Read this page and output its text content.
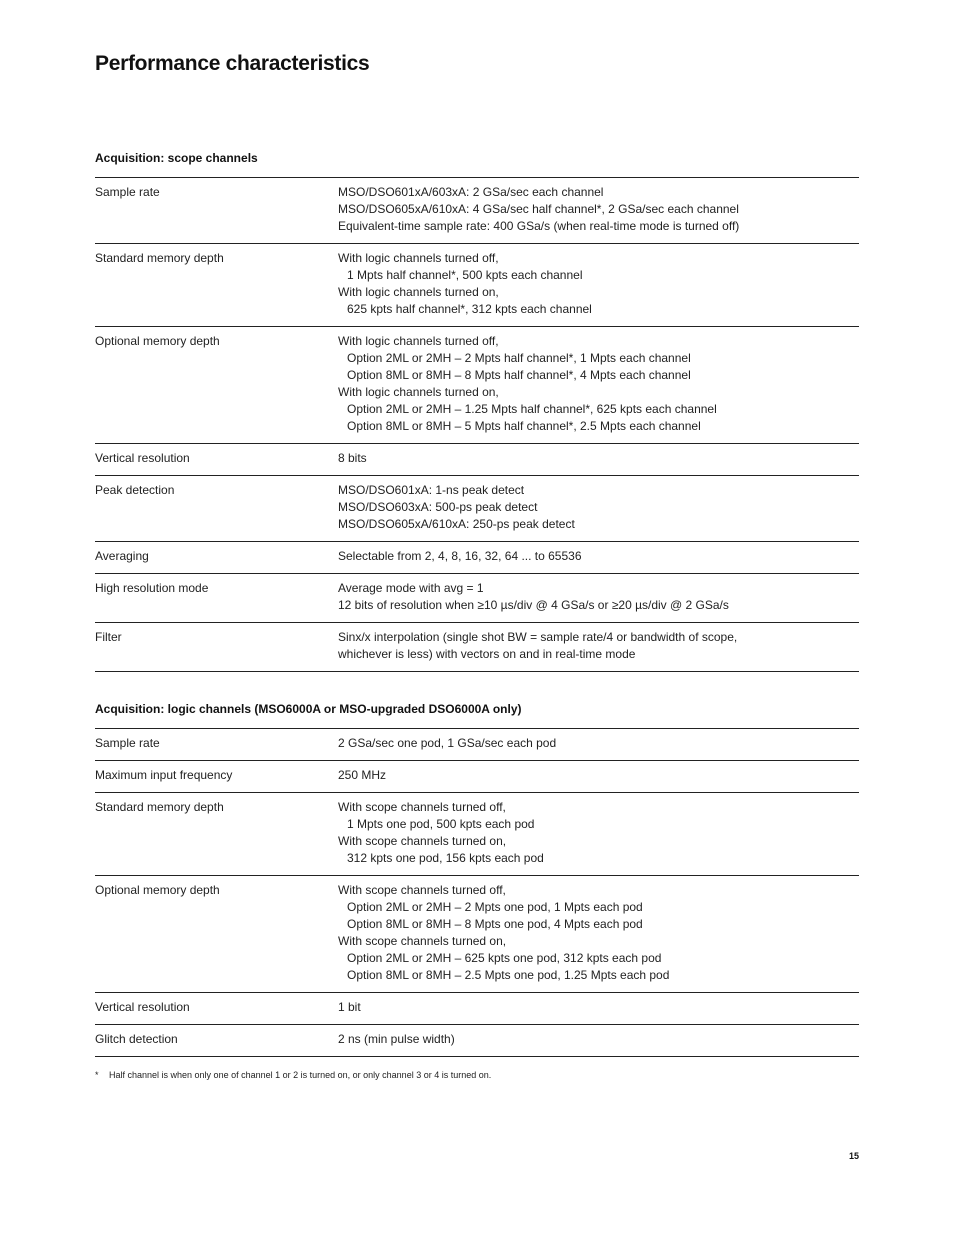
Performance characteristics
Acquisition: scope channels
Sample rate	MSO/DSO601xA/603xA: 2 GSa/sec each channel
MSO/DSO605xA/610xA: 4 GSa/sec half channel*, 2 GSa/sec each channel
Equivalent-time sample rate: 400 GSa/s (when real-time mode is turned off)
Standard memory depth	With logic channels turned off,
1 Mpts half channel*, 500 kpts each channel
With logic channels turned on,
625 kpts half channel*, 312 kpts each channel
Optional memory depth	With logic channels turned off,
Option 2ML or 2MH – 2 Mpts half channel*, 1 Mpts each channel
Option 8ML or 8MH – 8 Mpts half channel*, 4 Mpts each channel
With logic channels turned on,
Option 2ML or 2MH – 1.25 Mpts half channel*, 625 kpts each channel
Option 8ML or 8MH – 5 Mpts half channel*, 2.5 Mpts each channel
Vertical resolution	8 bits
Peak detection	MSO/DSO601xA: 1-ns peak detect
MSO/DSO603xA: 500-ps peak detect
MSO/DSO605xA/610xA: 250-ps peak detect
Averaging	Selectable from 2, 4, 8, 16, 32, 64 ... to 65536
High resolution mode	Average mode with avg = 1
12 bits of resolution when ≥10 µs/div @ 4 GSa/s or ≥20 µs/div @ 2 GSa/s
Filter	Sinx/x interpolation (single shot BW = sample rate/4 or bandwidth of scope,
whichever is less) with vectors on and in real-time mode
Acquisition: logic channels (MSO6000A or MSO-upgraded DSO6000A only)
Sample rate	2 GSa/sec one pod, 1 GSa/sec each pod
Maximum input frequency	250 MHz
Standard memory depth	With scope channels turned off,
1 Mpts one pod, 500 kpts each pod
With scope channels turned on,
312 kpts one pod, 156 kpts each pod
Optional memory depth	With scope channels turned off,
Option 2ML or 2MH – 2 Mpts one pod, 1 Mpts each pod
Option 8ML or 8MH – 8 Mpts one pod, 4 Mpts each pod
With scope channels turned on,
Option 2ML or 2MH – 625 kpts one pod, 312 kpts each pod
Option 8ML or 8MH – 2.5 Mpts one pod, 1.25 Mpts each pod
Vertical resolution	1 bit
Glitch detection	2 ns (min pulse width)
* Half channel is when only one of channel 1 or 2 is turned on, or only channel 3 or 4 is turned on.
15
